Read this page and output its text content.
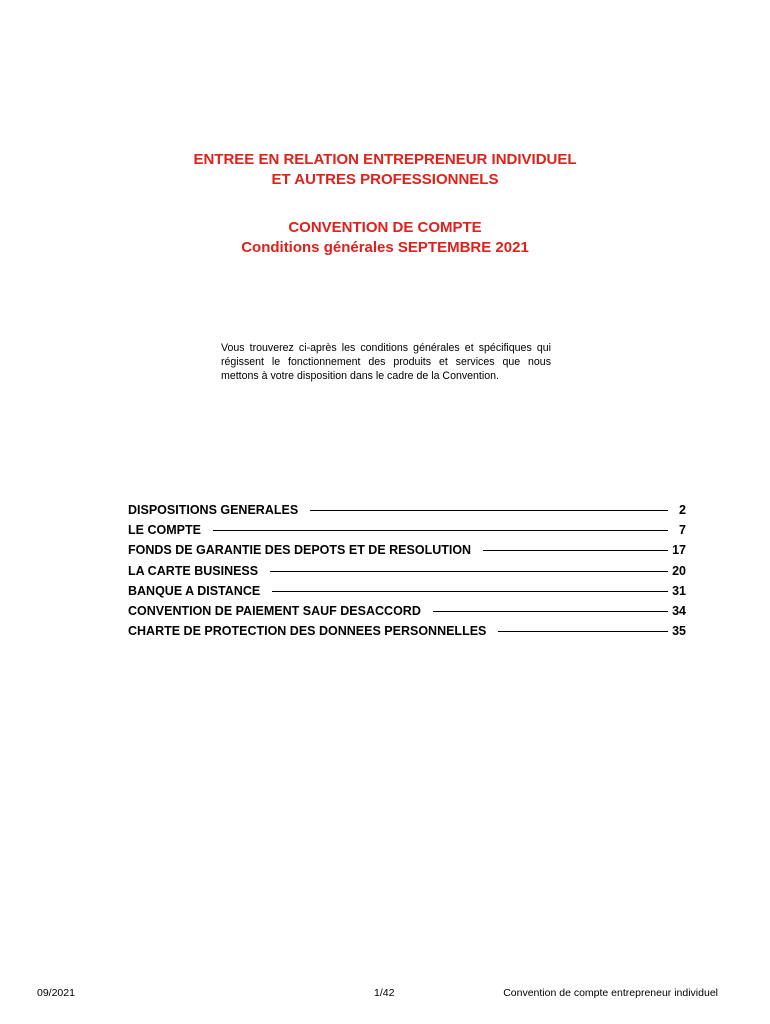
ENTREE EN RELATION ENTREPRENEUR INDIVIDUEL
ET AUTRES PROFESSIONNELS
CONVENTION DE COMPTE
Conditions générales SEPTEMBRE 2021
Vous trouverez ci-après les conditions générales et spécifiques qui régissent le fonctionnement des produits et services que nous mettons à votre disposition dans le cadre de la Convention.
DISPOSITIONS GENERALES	2
LE COMPTE	7
FONDS DE GARANTIE DES DEPOTS ET DE RESOLUTION	17
LA CARTE BUSINESS	20
BANQUE A DISTANCE	31
CONVENTION DE PAIEMENT SAUF DESACCORD	34
CHARTE DE PROTECTION DES DONNEES PERSONNELLES	35
09/2021	1/42	Convention de compte entrepreneur individuel
